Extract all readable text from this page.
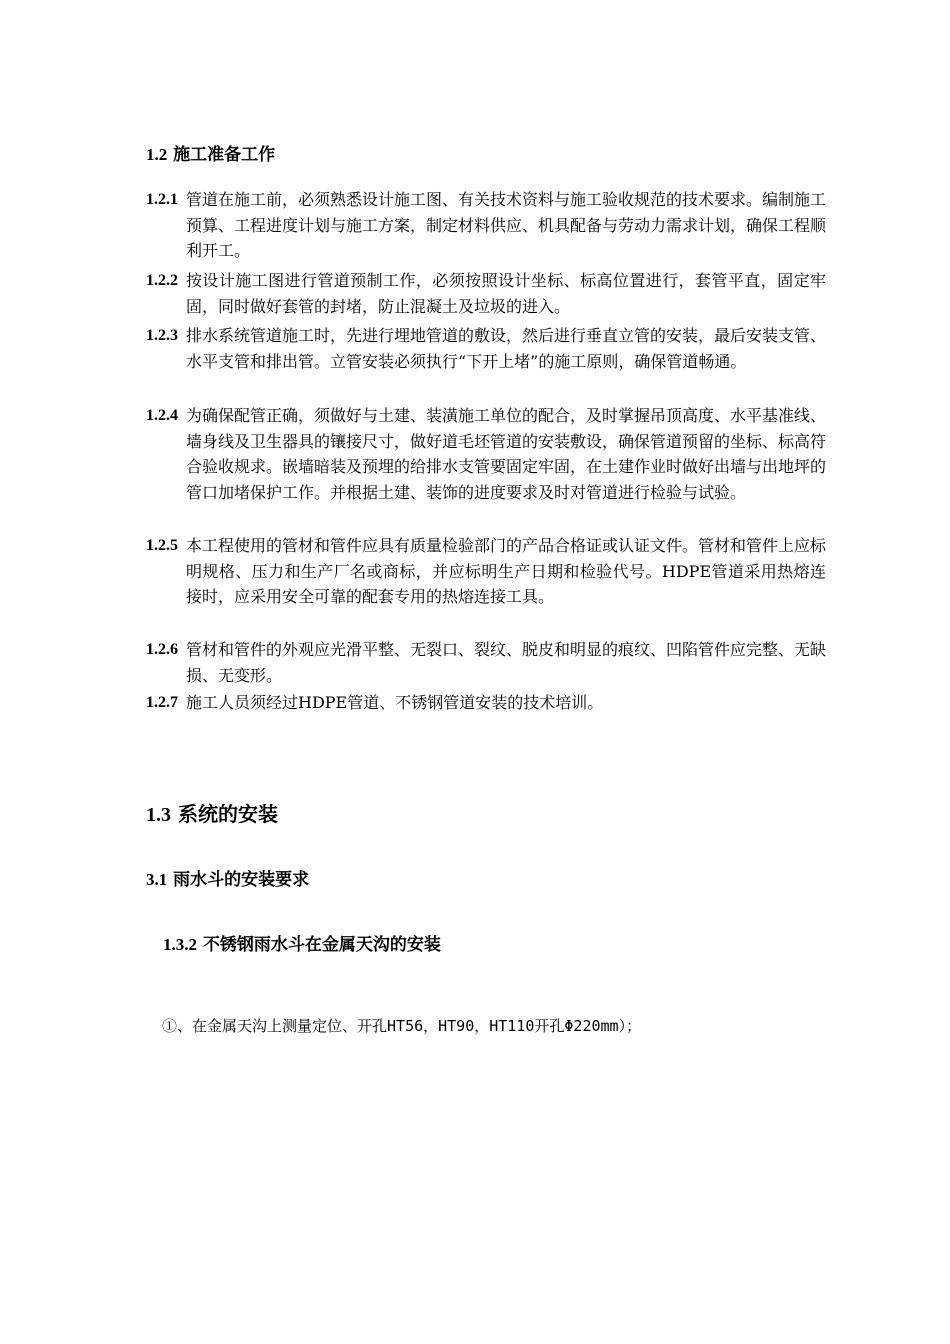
1.2 施工准备工作
1.2.1 管道在施工前，必须熟悉设计施工图、有关技术资料与施工验收规范的技术要求。编制施工预算、工程进度计划与施工方案，制定材料供应、机具配备与劳动力需求计划，确保工程顺利开工。
1.2.2 按设计施工图进行管道预制工作，必须按照设计坐标、标高位置进行，套管平直，固定牢固，同时做好套管的封堵，防止混凝土及垃圾的进入。
1.2.3 排水系统管道施工时，先进行埋地管道的敷设，然后进行垂直立管的安装，最后安装支管、水平支管和排出管。立管安装必须执行“下开上堵”的施工原则，确保管道畅通。
1.2.4 为确保配管正确，须做好与土建、装潢施工单位的配合，及时掌握吊顶高度、水平基准线、墙身线及卫生器具的镶接尺寸，做好道毛坯管道的安装敷设，确保管道预留的坐标、标高符合验收规求。嵌墙暗装及预埋的给排水支管要固定牢固，在土建作业时做好出墙与出地坪的管口加堵保护工作。并根据土建、装饰的进度要求及时对管道进行检验与试验。
1.2.5 本工程使用的管材和管件应具有质量检验部门的产品合格证或认证文件。管材和管件上应标明规格、压力和生产厂名或商标，并应标明生产日期和检验代号。HDPE管道采用热熔连接时，应采用安全可靠的配套专用的热熔连接工具。
1.2.6 管材和管件的外观应光滑平整、无裂口、裂纹、脱皮和明显的痕纹、凹陷管件应完整、无缺损、无变形。
1.2.7 施工人员须经过HDPE管道、不锈钢管道安装的技术培训。
1.3 系统的安装
3.1 雨水斗的安装要求
1.3.2 不锈钢雨水斗在金属天沟的安装
①、在金属天沟上测量定位、开孔HT56，HT90，HT110开孔Φ220mm）；
